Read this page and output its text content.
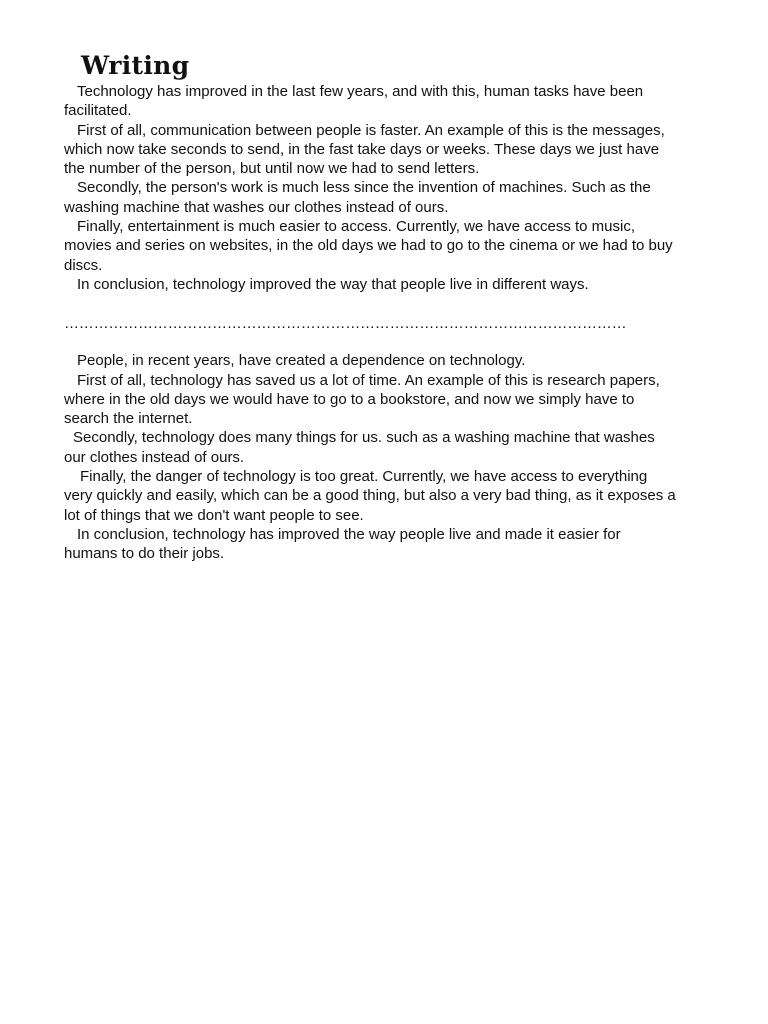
Writing

Technology has improved in the last few years, and with this, human tasks have been facilitated.

First of all, communication between people is faster. An example of this is the messages, which now take seconds to send, in the fast take days or weeks. These days we just have the number of the person, but until now we had to send letters.

Secondly, the person's work is much less since the invention of machines. Such as the washing machine that washes our clothes instead of ours.

Finally, entertainment is much easier to access. Currently, we have access to music, movies and series on websites, in the old days we had to go to the cinema or we had to buy discs.

In conclusion, technology improved the way that people live in different ways.

……………………………………………………………………………………………………

People, in recent years, have created a dependence on technology.

First of all, technology has saved us a lot of time. An example of this is research papers, where in the old days we would have to go to a bookstore, and now we simply have to search the internet.

Secondly, technology does many things for us. such as a washing machine that washes our clothes instead of ours.

Finally, the danger of technology is too great. Currently, we have access to everything very quickly and easily, which can be a good thing, but also a very bad thing, as it exposes a lot of things that we don't want people to see.

In conclusion, technology has improved the way people live and made it easier for humans to do their jobs.
